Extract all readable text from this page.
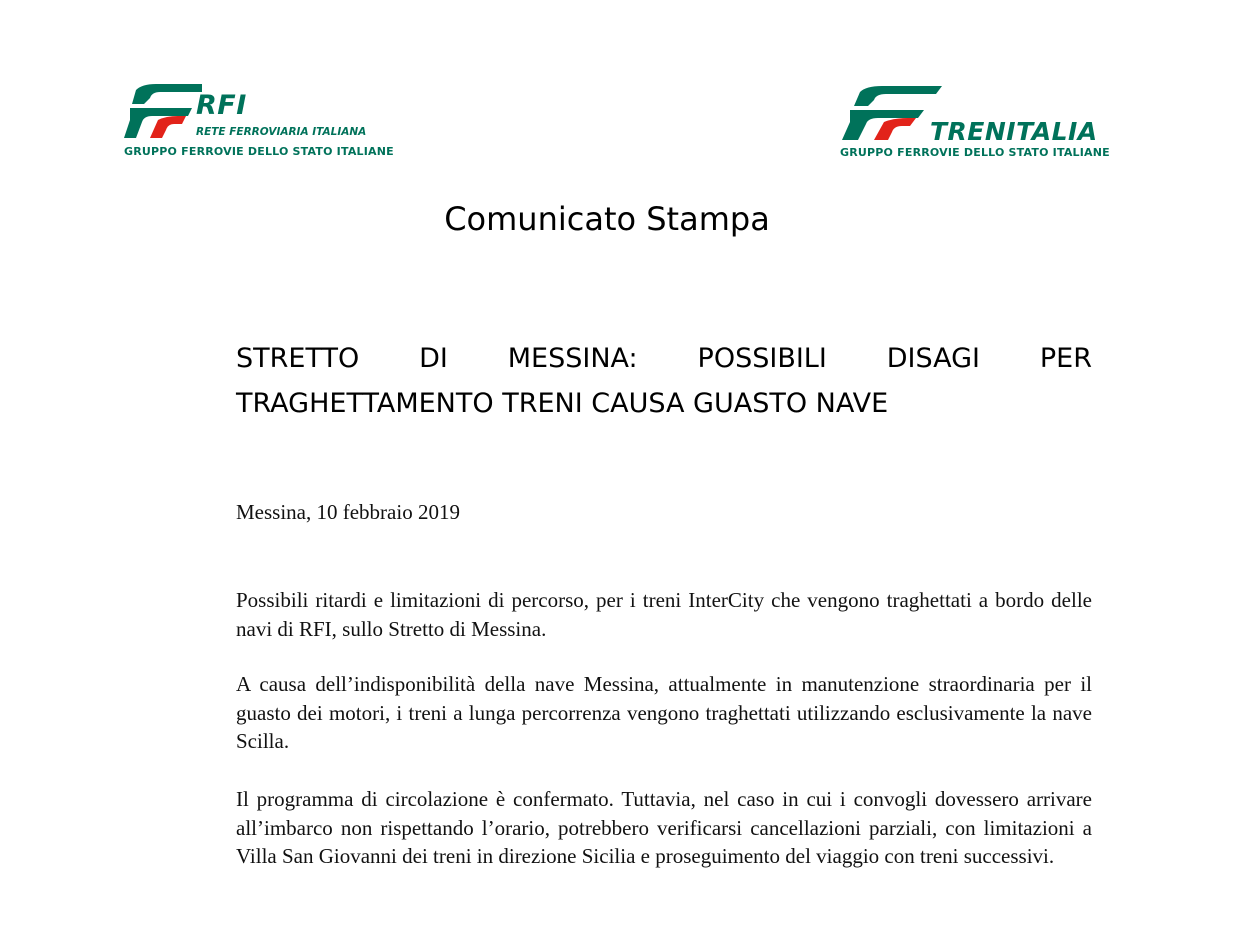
RFI
RETE FERROVIARIA ITALIANA
GRUPPO FERROVIE DELLO STATO ITALIANE
TRENITALIA
GRUPPO FERROVIE DELLO STATO ITALIANE
Comunicato Stampa
STRETTO DI MESSINA: POSSIBILI DISAGI PER
TRAGHETTAMENTO TRENI CAUSA GUASTO NAVE
Messina, 10 febbraio 2019
Possibili ritardi e limitazioni di percorso, per i treni InterCity che vengono traghettati a bordo delle navi di RFI, sullo Stretto di Messina.
A causa dell’indisponibilità della nave Messina, attualmente in manutenzione straordinaria per il guasto dei motori, i treni a lunga percorrenza vengono traghettati utilizzando esclusivamente la nave Scilla.
Il programma di circolazione è confermato. Tuttavia, nel caso in cui i convogli dovessero arrivare all’imbarco non rispettando l’orario, potrebbero verificarsi cancellazioni parziali, con limitazioni a Villa San Giovanni dei treni in direzione Sicilia e proseguimento del viaggio con treni successivi.
